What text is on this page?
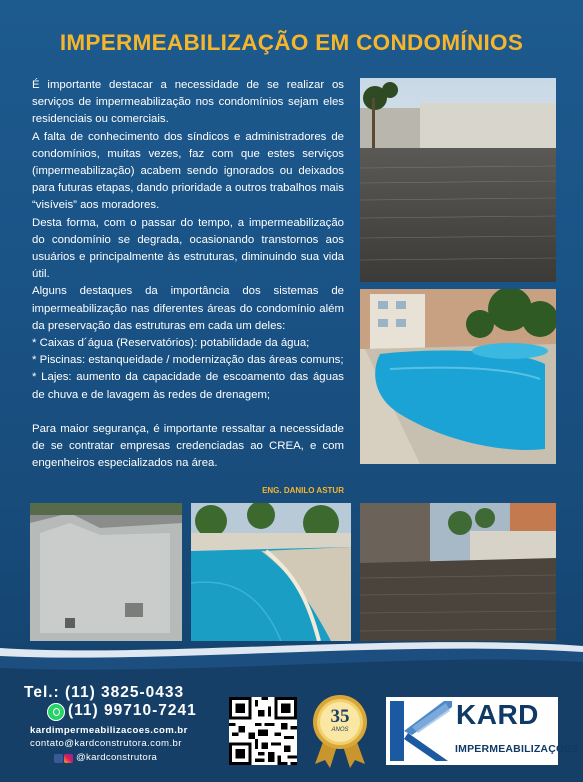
IMPERMEABILIZAÇÃO EM CONDOMÍNIOS

É importante destacar a necessidade de se realizar os serviços de impermeabilização nos condomínios sejam eles residenciais ou comerciais.

A falta de conhecimento dos síndicos e administradores de condomínios, muitas vezes, faz com que estes serviços (impermeabilização) acabem sendo ignorados ou deixados para futuras etapas, dando prioridade a outros trabalhos mais “visíveis” aos moradores.

Desta forma, com o passar do tempo, a impermeabilização do condomínio se degrada, ocasionando transtornos aos usuários e principalmente às estruturas, diminuindo sua vida útil.

Alguns destaques da importância dos sistemas de impermeabilização nas diferentes áreas do condomínio além da preservação das estruturas em cada um deles:

* Caixas d´água (Reservatórios): potabilidade da água;

* Piscinas: estanqueidade / modernização das áreas comuns;

* Lajes: aumento da capacidade de escoamento das águas de chuva e de lavagem às redes de drenagem;

Para maior segurança, é importante ressaltar a necessidade de se contratar empresas credenciadas ao CREA, e com engenheiros especializados na área.

ENG. DANILO ASTUR
Tel.: (11) 3825-0433
(11) 99710-7241
kardimpermeabilizacoes.com.br
contato@kardconstrutora.com.br
@kardconstrutora
35
ANOS	KARD
IMPERMEABILIZAÇÕES
